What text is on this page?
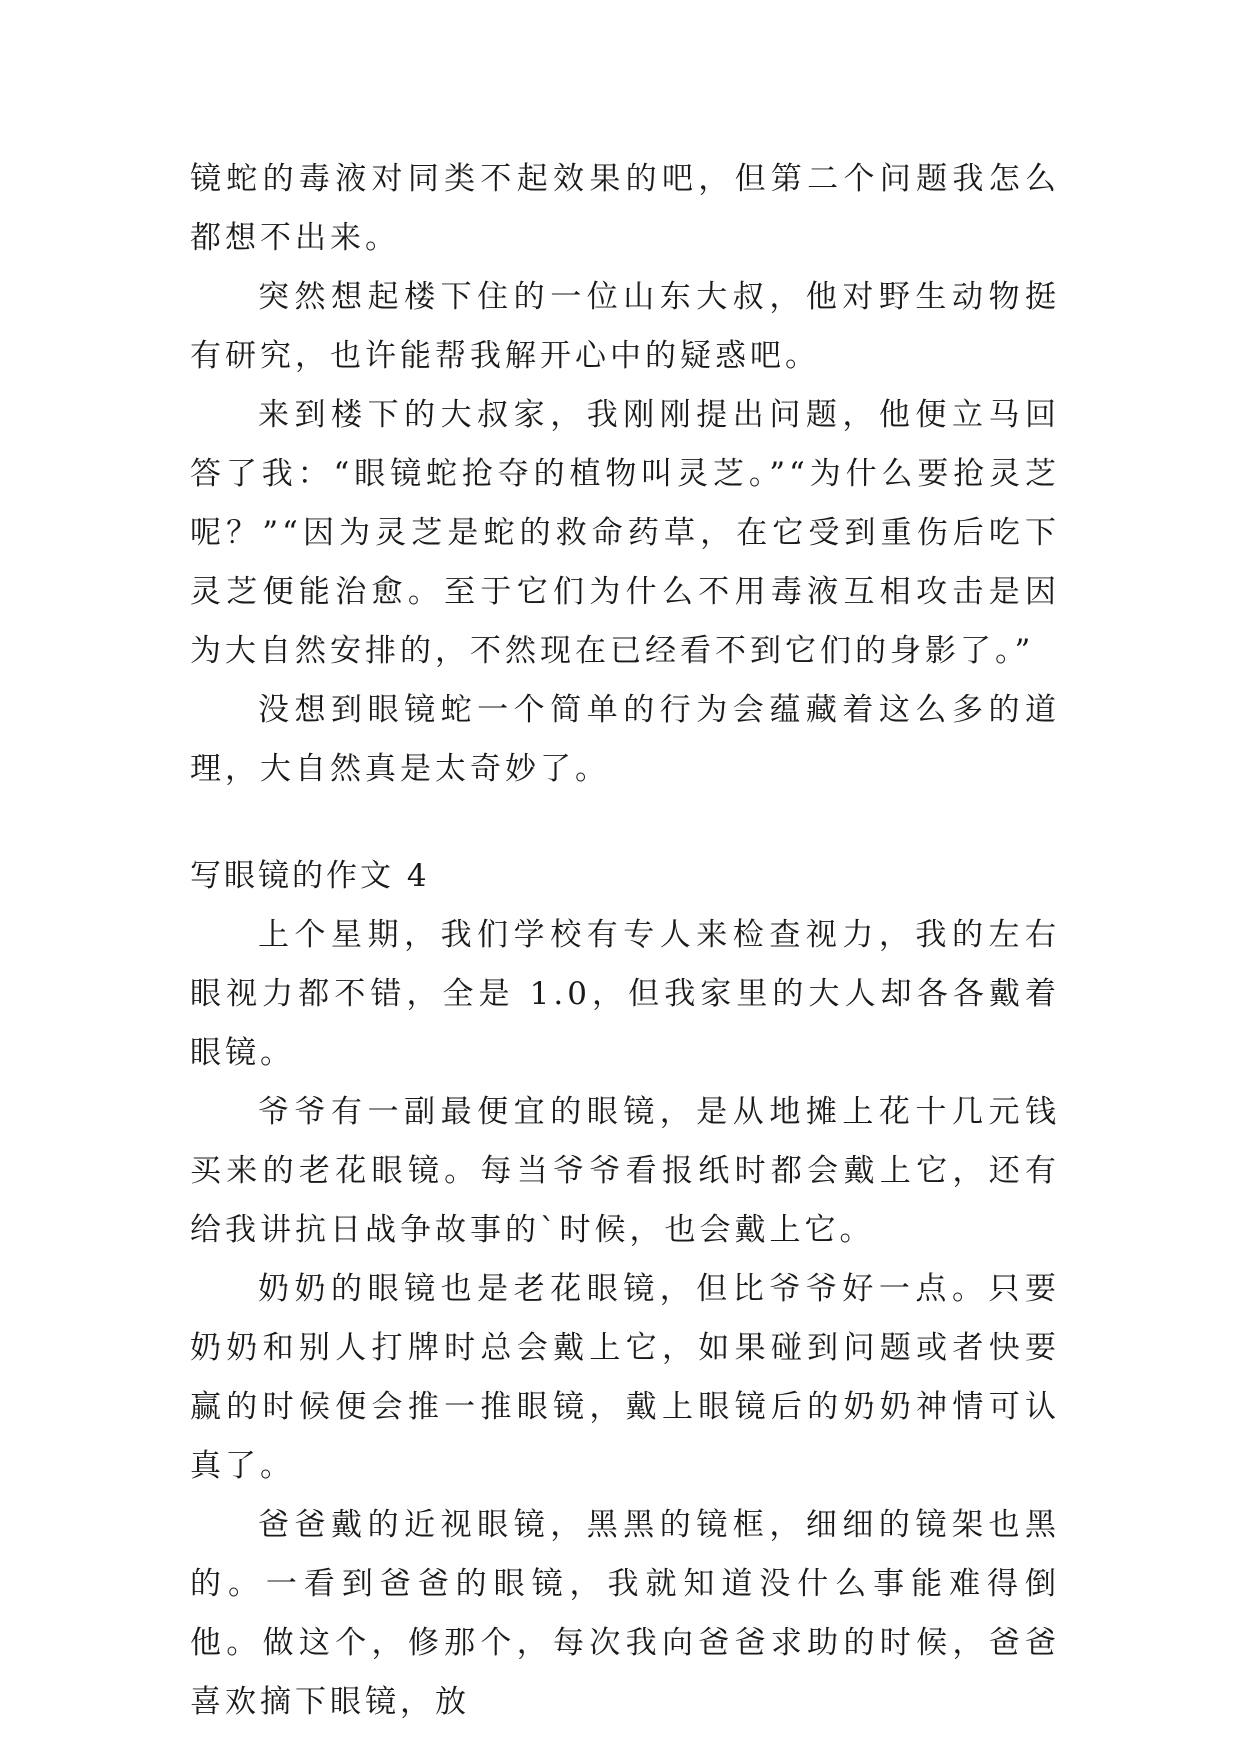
镜蛇的毒液对同类不起效果的吧，但第二个问题我怎么都想不出来。

突然想起楼下住的一位山东大叔，他对野生动物挺有研究，也许能帮我解开心中的疑惑吧。

来到楼下的大叔家，我刚刚提出问题，他便立马回答了我：“眼镜蛇抢夺的植物叫灵芝。”“为什么要抢灵芝呢？”“因为灵芝是蛇的救命药草，在它受到重伤后吃下灵芝便能治愈。至于它们为什么不用毒液互相攻击是因为大自然安排的，不然现在已经看不到它们的身影了。”

没想到眼镜蛇一个简单的行为会蕴藏着这么多的道理，大自然真是太奇妙了。

写眼镜的作文 4

上个星期，我们学校有专人来检查视力，我的左右眼视力都不错，全是 1.0，但我家里的大人却各各戴着眼镜。

爷爷有一副最便宜的眼镜，是从地摊上花十几元钱买来的老花眼镜。每当爷爷看报纸时都会戴上它，还有给我讲抗日战争故事的`时候，也会戴上它。

奶奶的眼镜也是老花眼镜，但比爷爷好一点。只要奶奶和别人打牌时总会戴上它，如果碰到问题或者快要赢的时候便会推一推眼镜，戴上眼镜后的奶奶神情可认真了。

爸爸戴的近视眼镜，黑黑的镜框，细细的镜架也黑的。一看到爸爸的眼镜，我就知道没什么事能难得倒他。做这个，修那个，每次我向爸爸求助的时候，爸爸喜欢摘下眼镜，放
